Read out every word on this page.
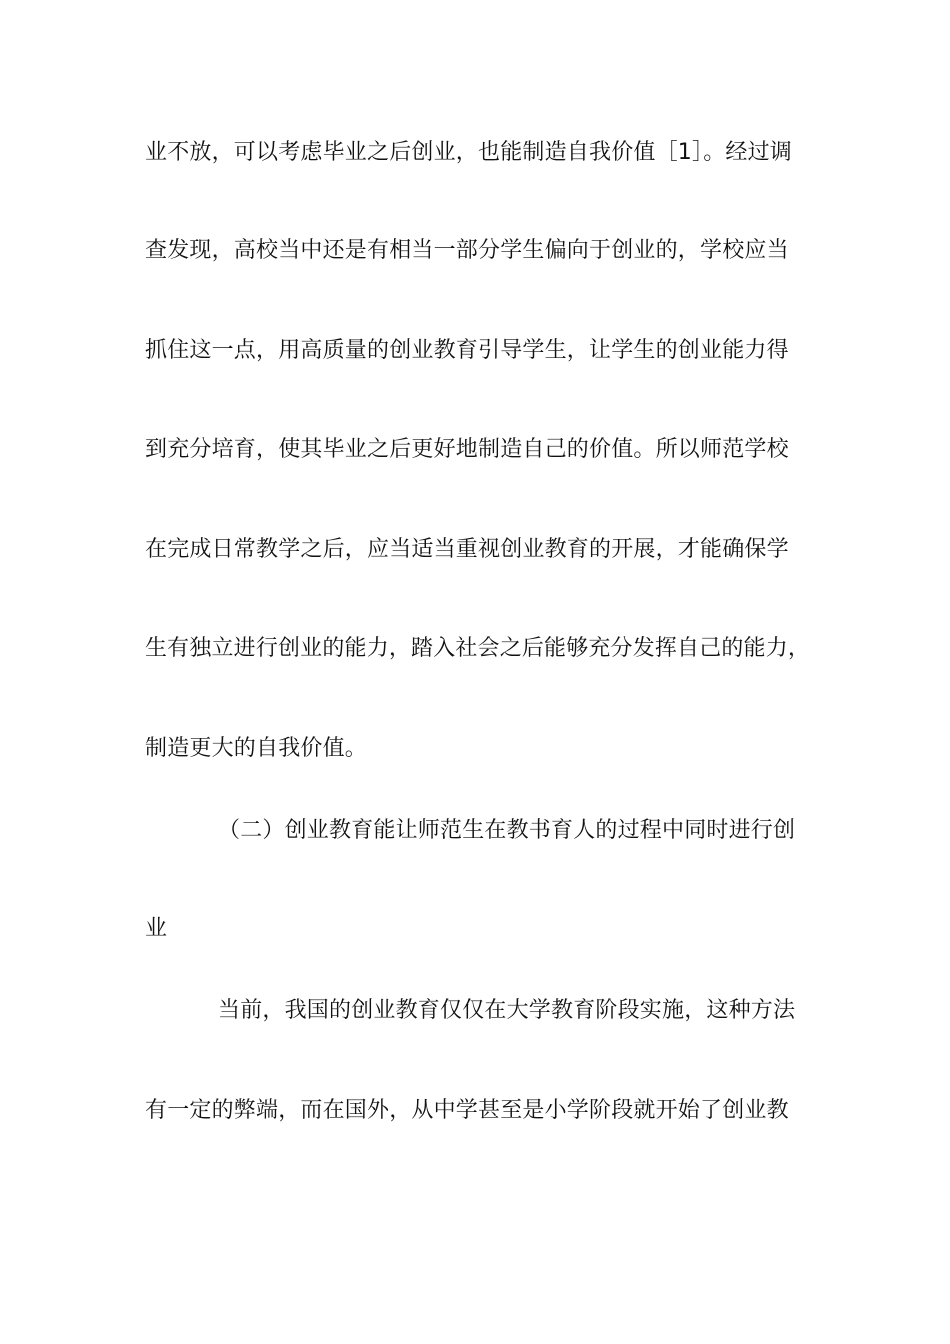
业不放，可以考虑毕业之后创业，也能制造自我价值［1］。经过调
查发现，高校当中还是有相当一部分学生偏向于创业的，学校应当
抓住这一点，用高质量的创业教育引导学生，让学生的创业能力得
到充分培育，使其毕业之后更好地制造自己的价值。所以师范学校
在完成日常教学之后，应当适当重视创业教育的开展，才能确保学
生有独立进行创业的能力，踏入社会之后能够充分发挥自己的能力，
制造更大的自我价值。
（二）创业教育能让师范生在教书育人的过程中同时进行创
业
当前，我国的创业教育仅仅在大学教育阶段实施，这种方法
有一定的弊端，而在国外，从中学甚至是小学阶段就开始了创业教
